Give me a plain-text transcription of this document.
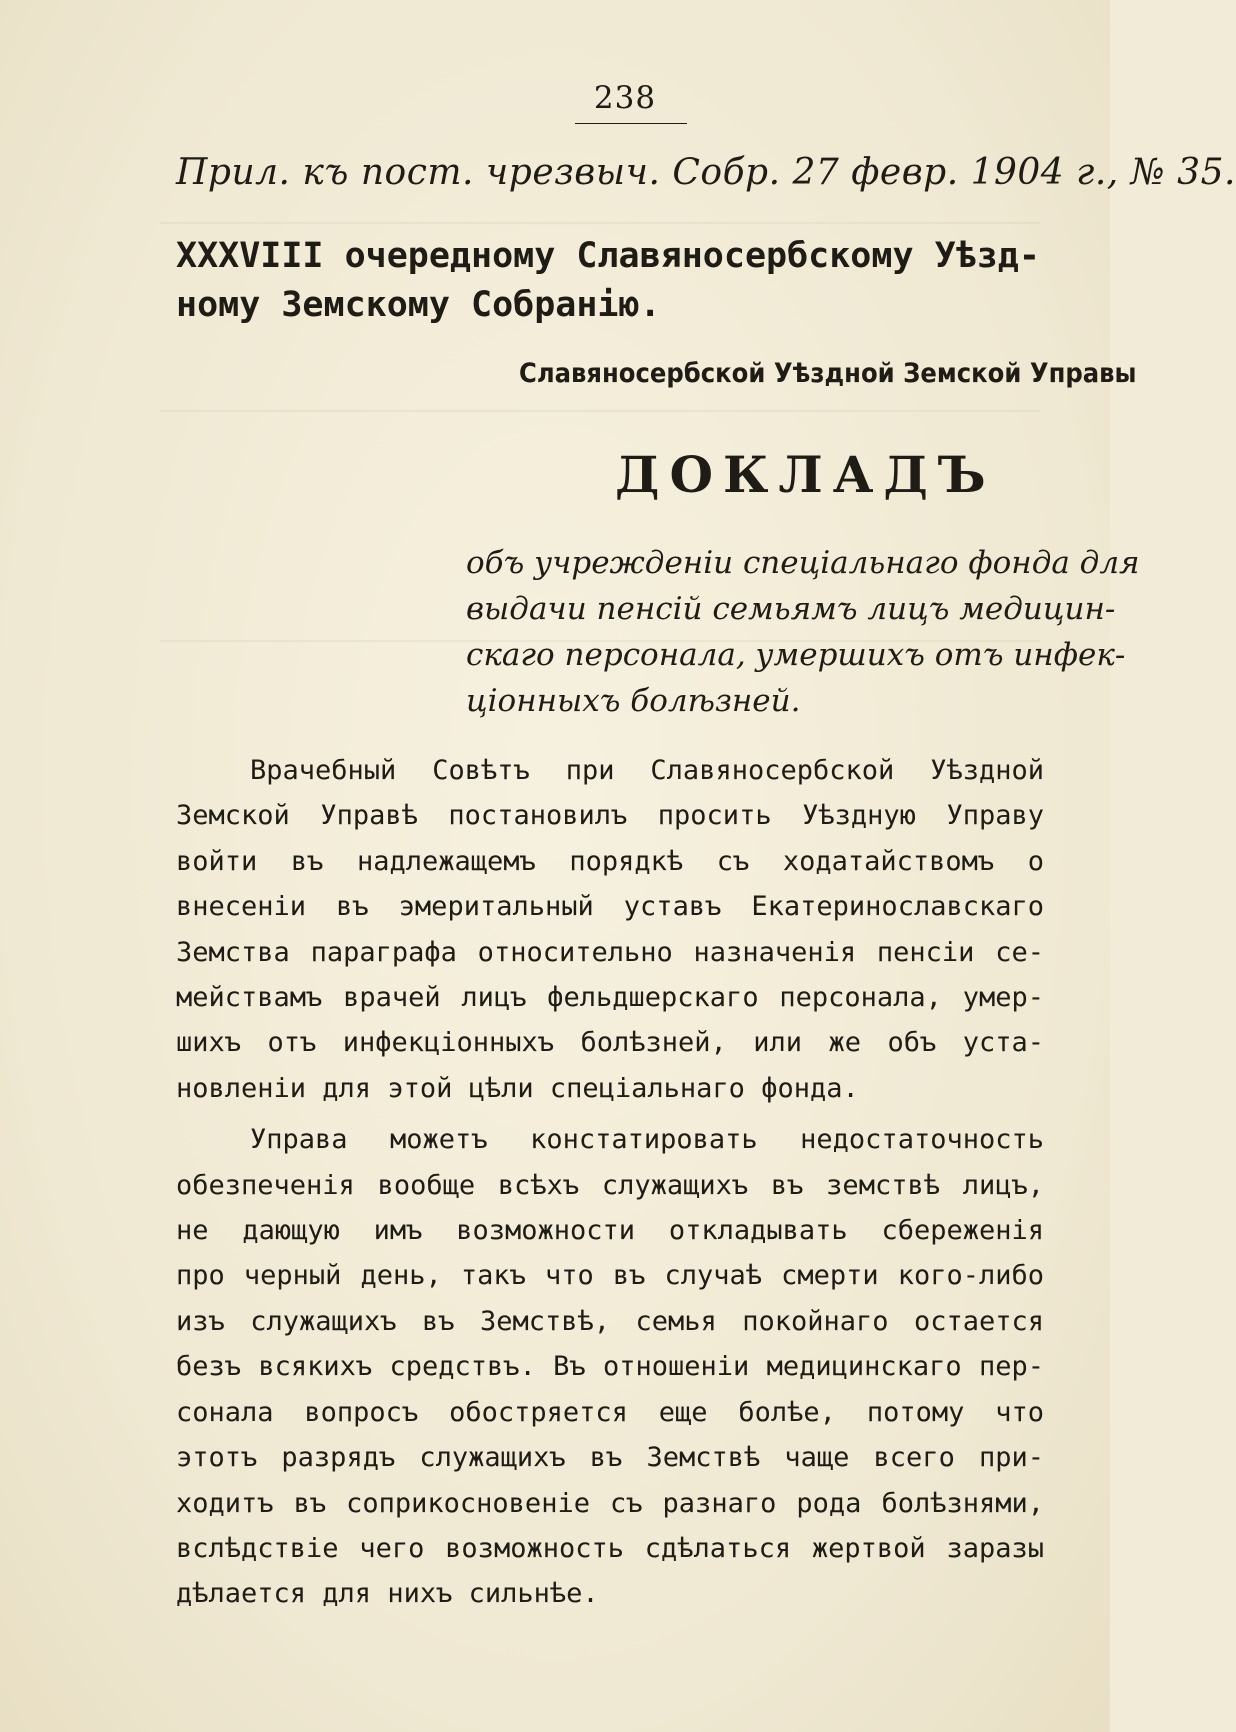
238
Прил. къ пост. чрезвыч. Собр. 27 февр. 1904 г., № 35.
XXXVIII очередному Славяносербскому Уѣзд-
ному Земскому Собранію.
Славяносербской Уѣздной Земской Управы
ДОКЛАДЪ
объ учрежденіи спеціальнаго фонда для
выдачи пенсій семьямъ лицъ медицин-
скаго персонала, умершихъ отъ инфек-
ціонныхъ болѣзней.
Врачебный Совѣтъ при Славяносербской Уѣздной
Земской Управѣ постановилъ просить Уѣздную Управу
войти въ надлежащемъ порядкѣ съ ходатайствомъ о
внесеніи въ эмеритальный уставъ Екатеринославскаго
Земства параграфа относительно назначенія пенсіи се-
мействамъ врачей лицъ фельдшерскаго персонала, умер-
шихъ отъ инфекціонныхъ болѣзней, или же объ уста-
новленіи для этой цѣли спеціальнаго фонда.
Управа можетъ констатировать недостаточность
обезпеченія вообще всѣхъ служащихъ въ земствѣ лицъ,
не дающую имъ возможности откладывать сбереженія
про черный день, такъ что въ случаѣ смерти кого-либо
изъ служащихъ въ Земствѣ, семья покойнаго остается
безъ всякихъ средствъ. Въ отношеніи медицинскаго пер-
сонала вопросъ обостряется еще болѣе, потому что
этотъ разрядъ служащихъ въ Земствѣ чаще всего при-
ходитъ въ соприкосновеніе съ разнаго рода болѣзнями,
вслѣдствіе чего возможность сдѣлаться жертвой заразы
дѣлается для нихъ сильнѣе.
